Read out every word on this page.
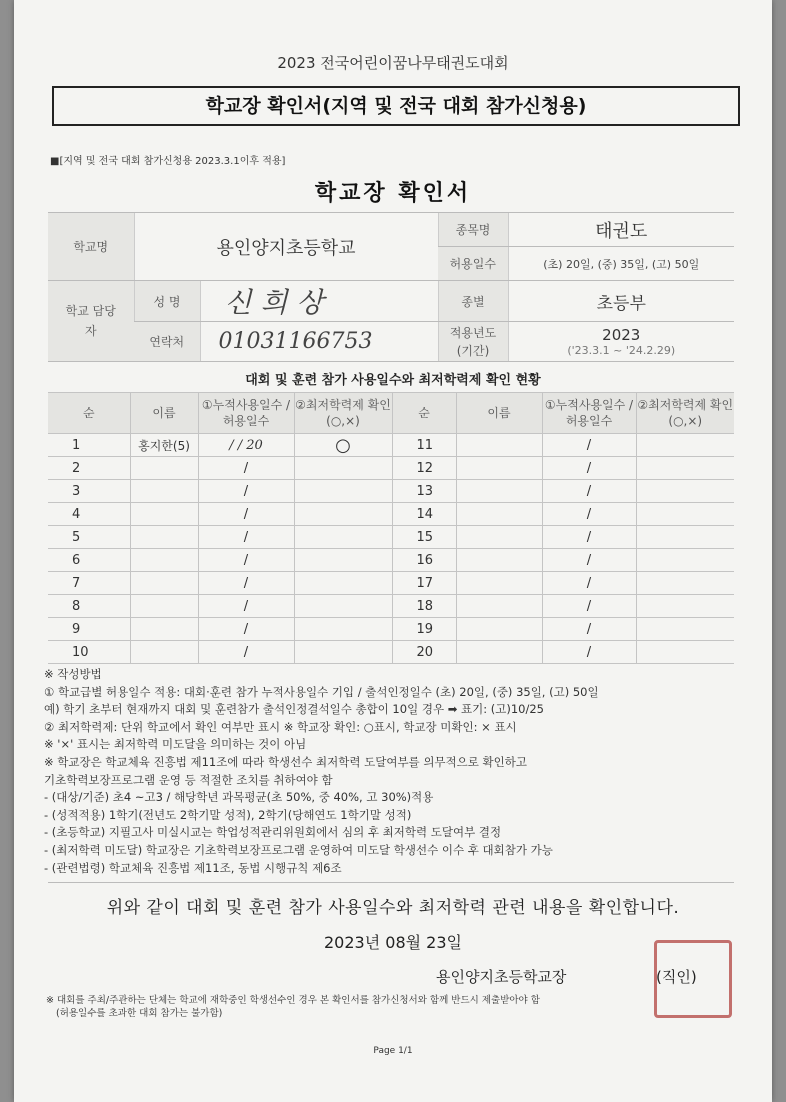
2023 전국어린이꿈나무태권도대회
학교장 확인서(지역 및 전국 대회 참가신청용)
■[지역 및 전국 대회 참가신청용 2023.3.1이후 적용]
학교장 확인서
학교명	용인양지초등학교		종목명	태권도
			허용일수	(초) 20일, (중) 35일, (고) 50일
학교 담당자	성 명	신 희 상	종별	초등부
	연락처	01031166753	적용년도 (기간)	2023
('23.3.1 ~ '24.2.29)
대회 및 훈련 참가 사용일수와 최저학력제 확인 현황
순	이름	①누적사용일수 /허용일수	②최저학력제 확인(○,×)	순	이름	①누적사용일수 /허용일수	②최저학력제 확인(○,×)
1	홍지한(5)	/ / 20	○	11		/	
2		/		12		/	
3		/		13		/	
4		/		14		/	
5		/		15		/	
6		/		16		/	
7		/		17		/	
8		/		18		/	
9		/		19		/	
10		/		20		/	
※ 작성방법
① 학교급별 허용일수 적용: 대회·훈련 참가 누적사용일수 기입 / 출석인정일수 (초) 20일, (중) 35일, (고) 50일
예) 학기 초부터 현재까지 대회 및 훈련참가 출석인정결석일수 총합이 10일 경우 ➡ 표기: (고)10/25
② 최저학력제: 단위 학교에서 확인 여부만 표시 ※ 학교장 확인: ○표시, 학교장 미확인: × 표시
※ '×' 표시는 최저학력 미도달을 의미하는 것이 아님
※ 학교장은 학교체육 진흥법 제11조에 따라 학생선수 최저학력 도달여부를 의무적으로 확인하고
기초학력보장프로그램 운영 등 적절한 조치를 취하여야 함
- (대상/기준) 초4 ~고3 / 해당학년 과목평균(초 50%, 중 40%, 고 30%)적용
- (성적적용) 1학기(전년도 2학기말 성적), 2학기(당해연도 1학기말 성적)
- (초등학교) 지필고사 미실시교는 학업성적관리위원회에서 심의 후 최저학력 도달여부 결정
- (최저학력 미도달) 학교장은 기초학력보장프로그램 운영하여 미도달 학생선수 이수 후 대회참가 가능
- (관련법령) 학교체육 진흥법 제11조, 동법 시행규칙 제6조
위와 같이 대회 및 훈련 참가 사용일수와 최저학력 관련 내용을 확인합니다.
2023년 08월 23일
용인양지초등학교장	(직인)
※ 대회를 주최/주관하는 단체는 학교에 재학중인 학생선수인 경우 본 확인서를 참가신청서와 함께 반드시 제출받아야 함
(허용일수를 초과한 대회 참가는 불가함)
Page 1/1
